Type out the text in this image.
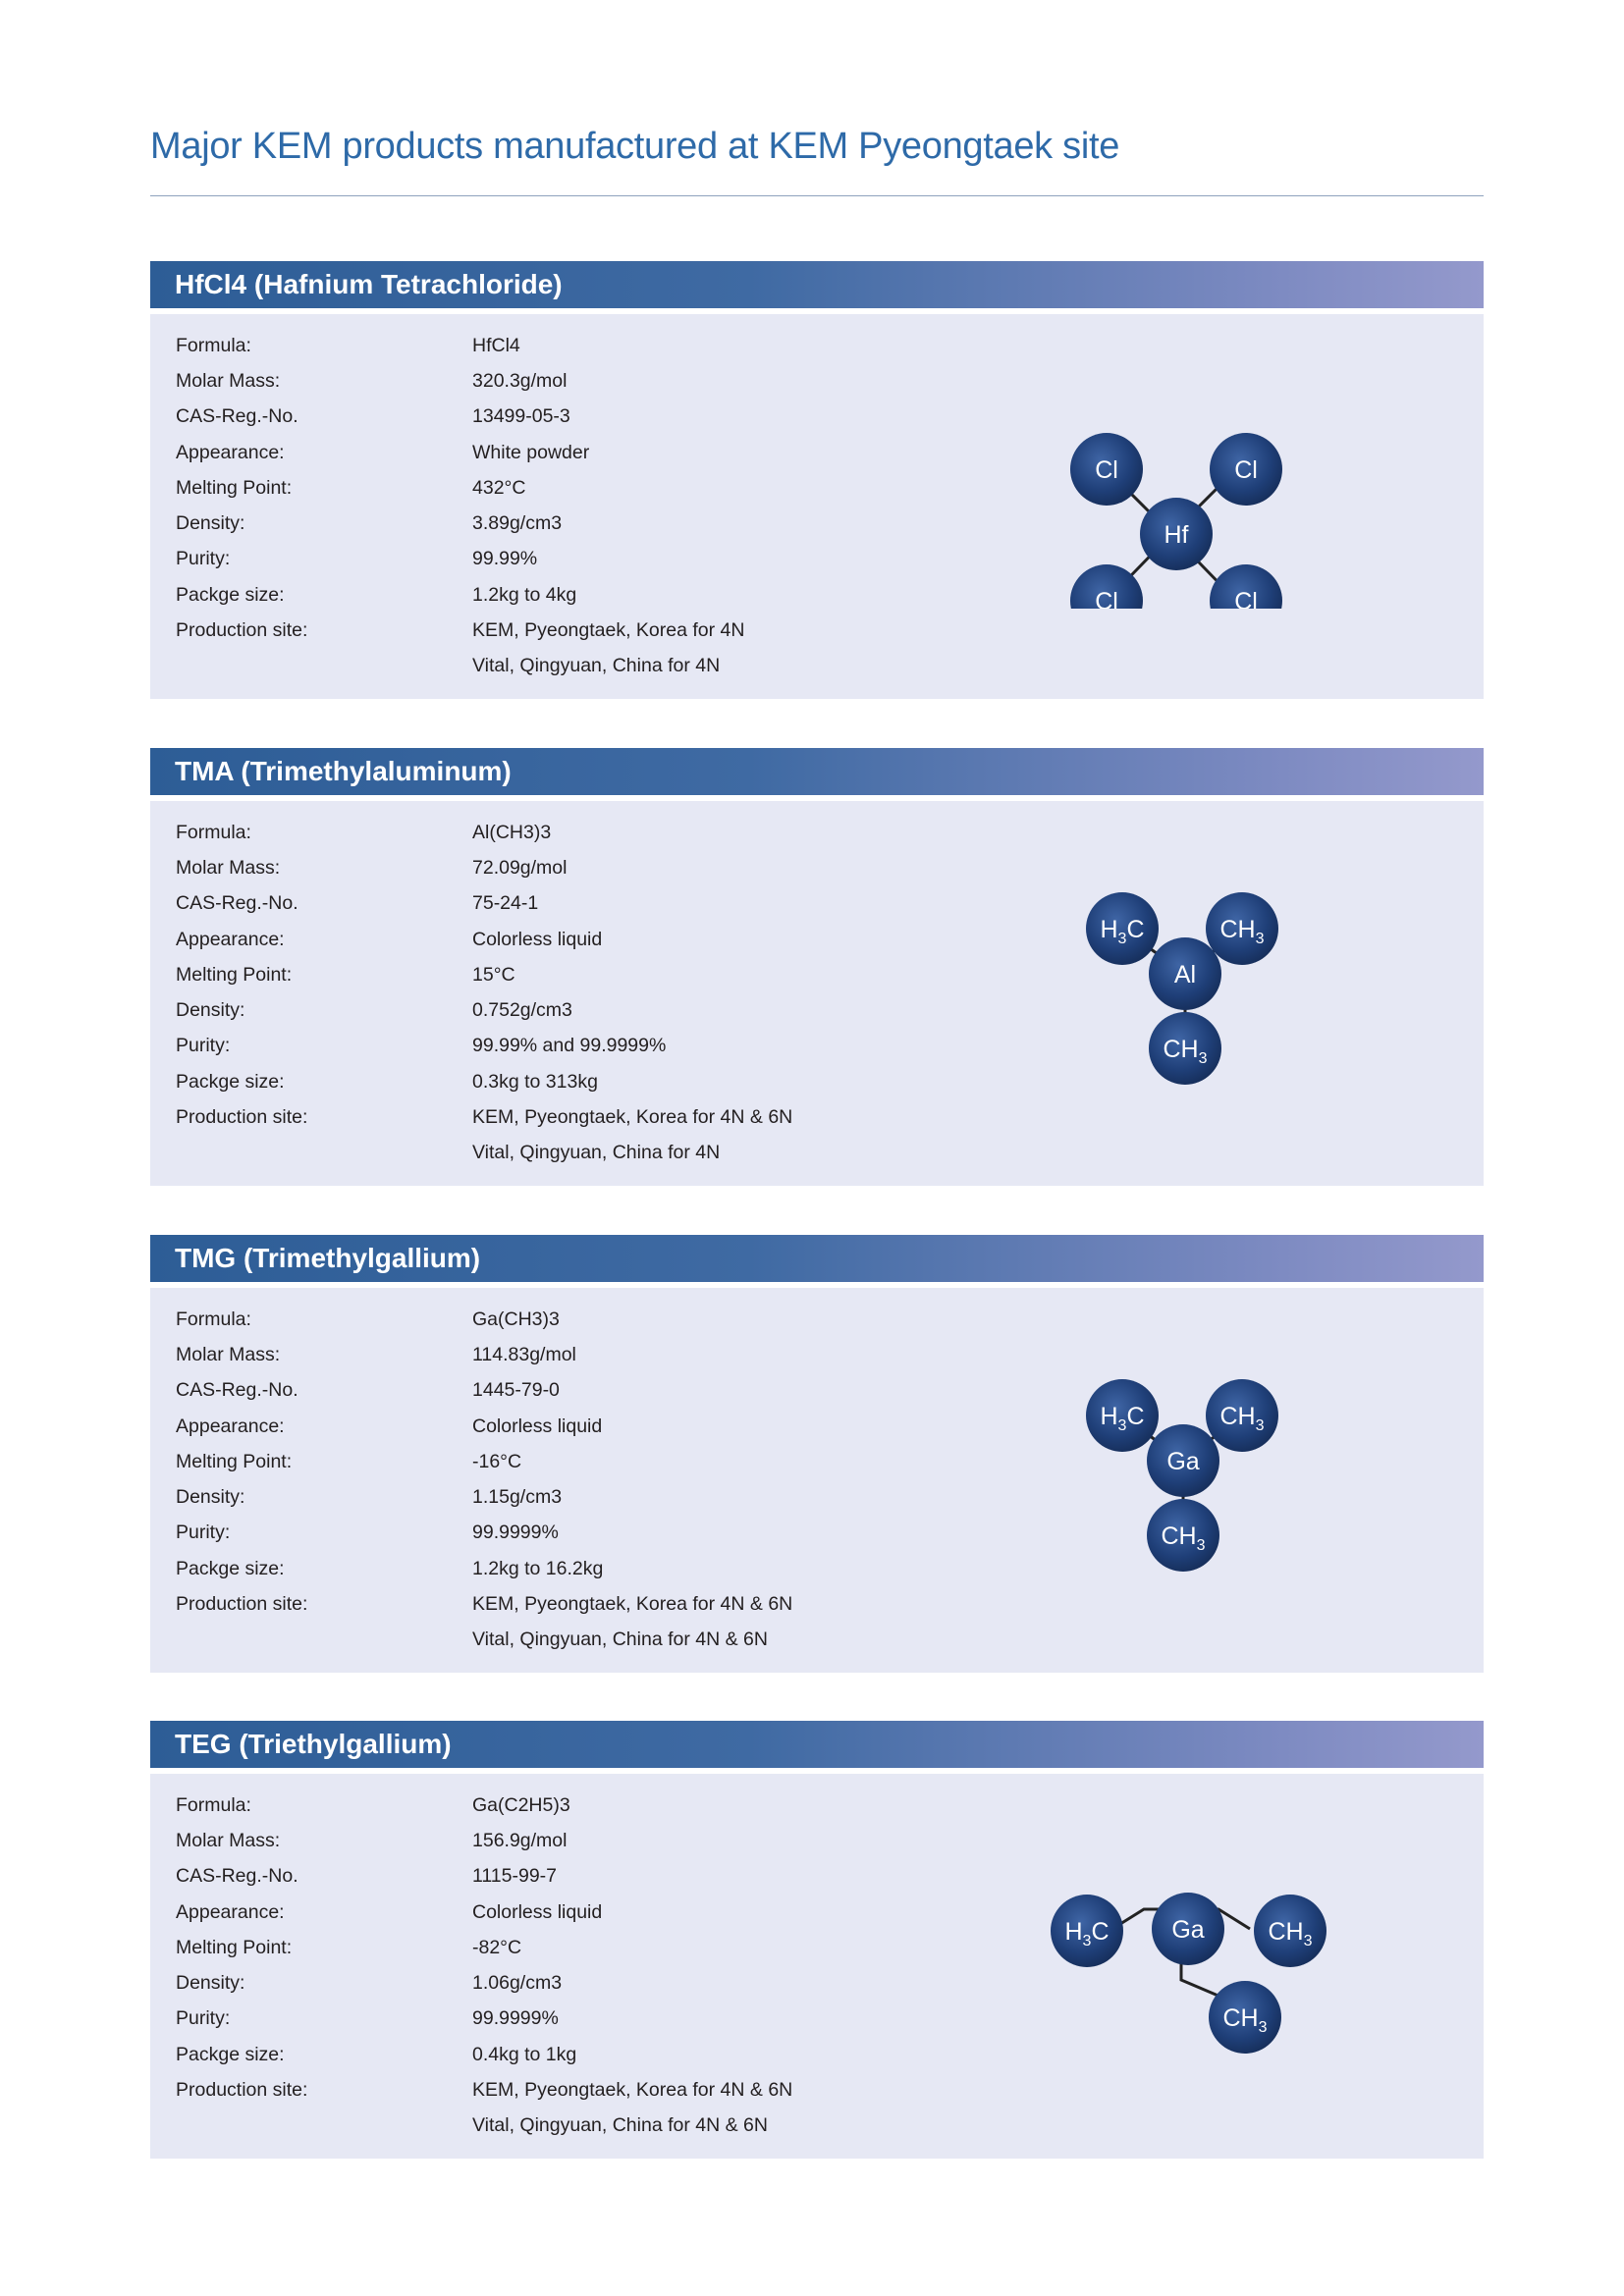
Major KEM products manufactured at KEM Pyeongtaek site
HfCl4 (Hafnium Tetrachloride)
Formula:	HfCl4
Molar Mass:	320.3g/mol
CAS-Reg.-No.	13499-05-3
Appearance:	White powder
Melting Point:	432°C
Density:	3.89g/cm3
Purity:	99.99%
Packge size:	1.2kg to 4kg
Production site:	KEM, Pyeongtaek, Korea for 4N
Vital, Qingyuan, China for 4N
Cl	Cl
Hf
Cl	Cl
TMA (Trimethylaluminum)
Formula:	Al(CH3)3
Molar Mass:	72.09g/mol
CAS-Reg.-No.	75-24-1
Appearance:	Colorless liquid
Melting Point:	15°C
Density:	0.752g/cm3
Purity:	99.99% and 99.9999%
Packge size:	0.3kg to 313kg
Production site:	KEM, Pyeongtaek, Korea for 4N & 6N
Vital, Qingyuan, China for 4N
$H_3C$	$CH_3$
Al
$CH_3$
TMG (Trimethylgallium)
Formula:	Ga(CH3)3
Molar Mass:	114.83g/mol
CAS-Reg.-No.	1445-79-0
Appearance:	Colorless liquid
Melting Point:	-16°C
Density:	1.15g/cm3
Purity:	99.9999%
Packge size:	1.2kg to 16.2kg
Production site:	KEM, Pyeongtaek, Korea for 4N & 6N
Vital, Qingyuan, China for 4N & 6N
$H_3C$	$CH_3$
Ga
$CH_3$
TEG (Triethylgallium)
Formula:	Ga(C2H5)3
Molar Mass:	156.9g/mol
CAS-Reg.-No.	1115-99-7
Appearance:	Colorless liquid
Melting Point:	-82°C
Density:	1.06g/cm3
Purity:	99.9999%
Packge size:	0.4kg to 1kg
Production site:	KEM, Pyeongtaek, Korea for 4N & 6N
Vital, Qingyuan, China for 4N & 6N
$H_3C$	Ga	$CH_3$
$CH_3$
